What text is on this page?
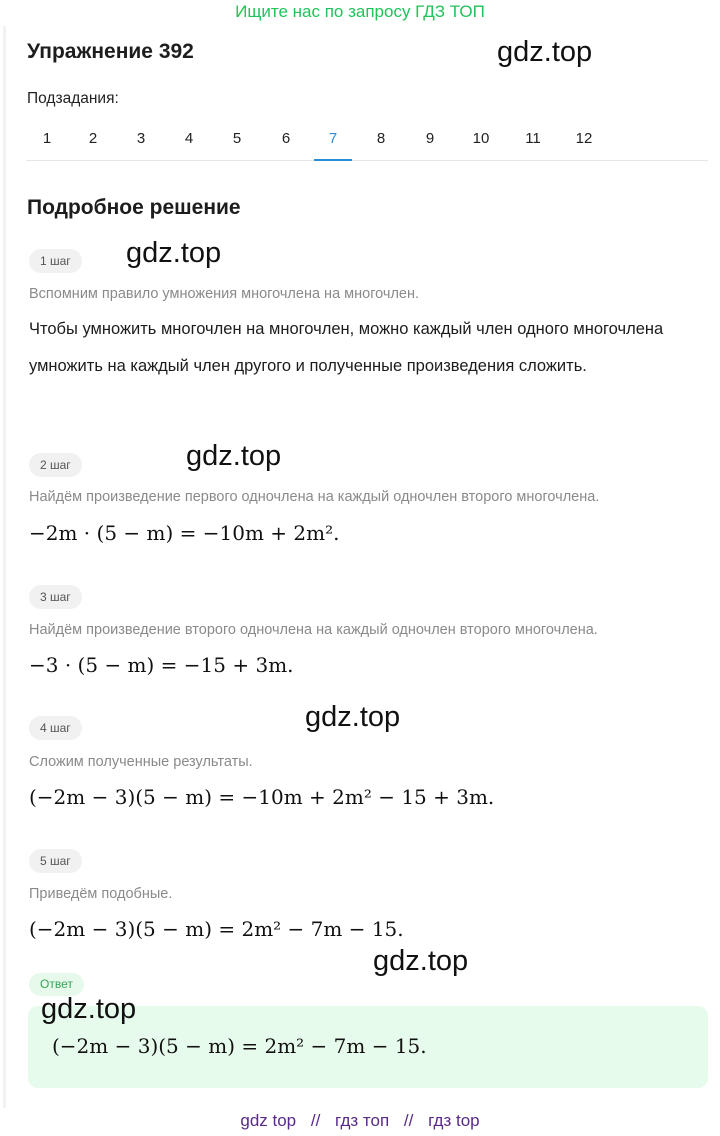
Ищите нас по запросу ГДЗ ТОП
Упражнение 392	gdz.top
Подзадания:
1	2	3	4	5	6	7	8	9	10	11	12
Подробное решение
1 шаг	gdz.top
Вспомним правило умножения многочлена на многочлен.
Чтобы умножить многочлен на многочлен, можно каждый член одного многочлена умножить на каждый член другого и полученные произведения сложить.
2 шаг	gdz.top
Найдём произведение первого одночлена на каждый одночлен второго многочлена.
−2m · (5 − m) = −10m + 2m².
3 шаг
Найдём произведение второго одночлена на каждый одночлен второго многочлена.
−3 · (5 − m) = −15 + 3m.
4 шаг	gdz.top
Сложим полученные результаты.
(−2m − 3)(5 − m) = −10m + 2m² − 15 + 3m.
5 шаг
Приведём подобные.
(−2m − 3)(5 − m) = 2m² − 7m − 15.
gdz.top
Ответ
(−2m − 3)(5 − m) = 2m² − 7m − 15.
gdz.top
gdz top // гдз топ // гдз top
